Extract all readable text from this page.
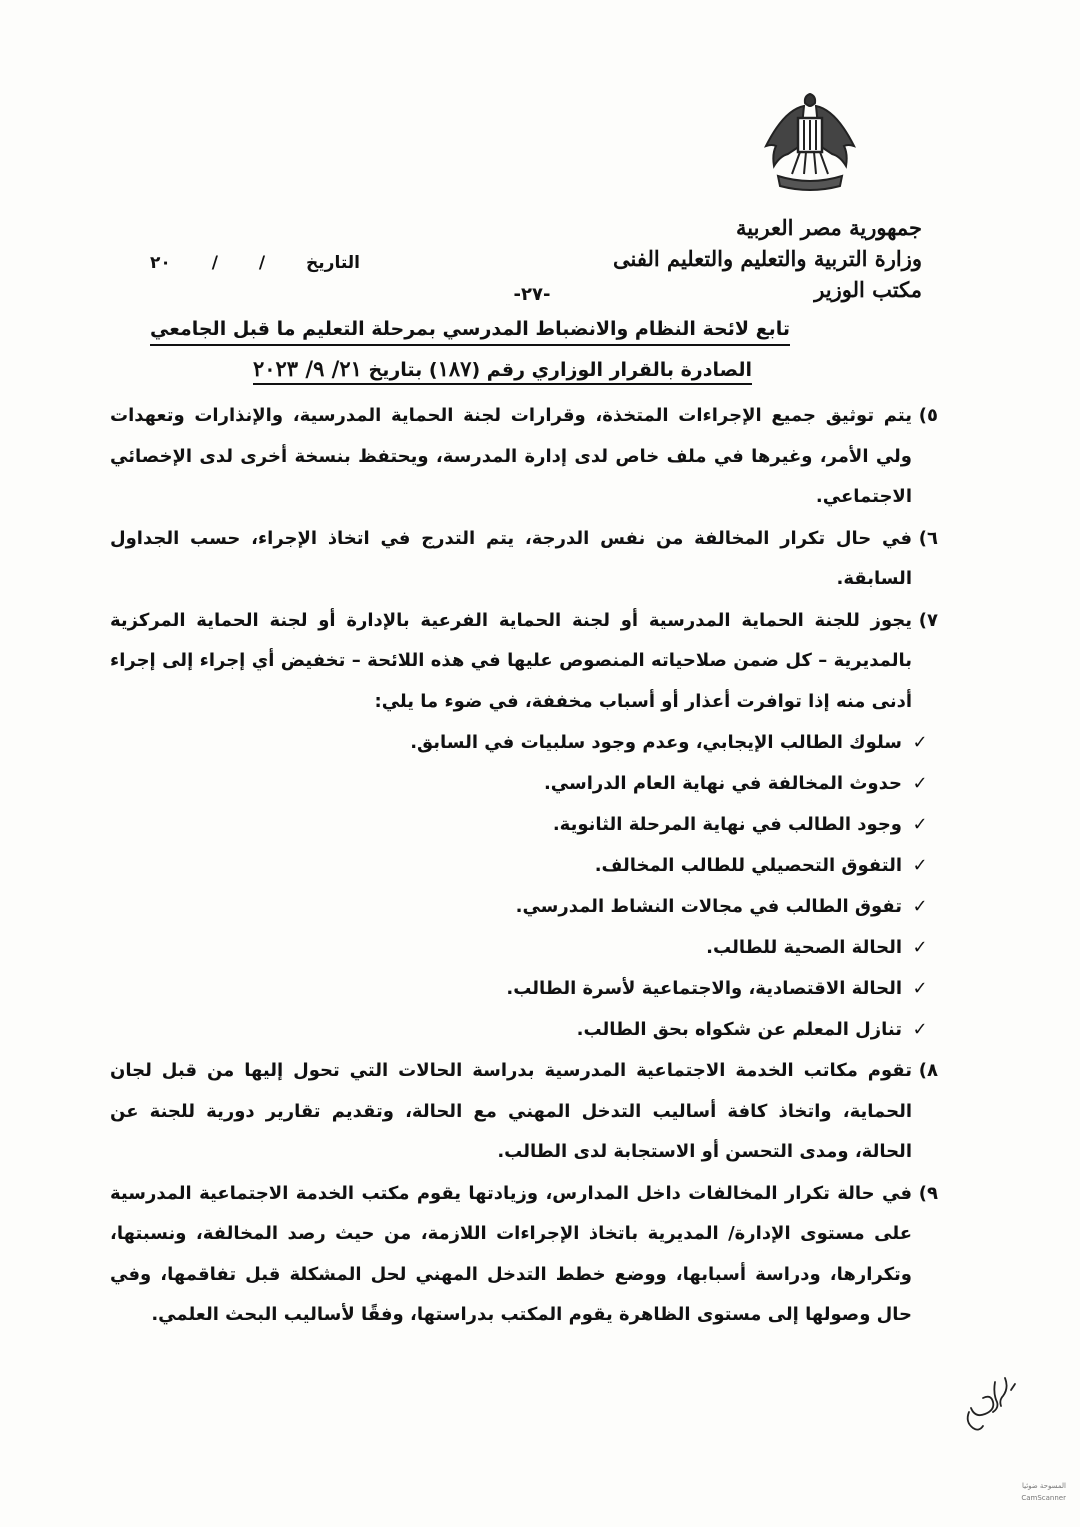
جمهورية مصر العربية
وزارة التربية والتعليم والتعليم الفنى
مكتب الوزير
التاريخ
/
/
٢٠
-٢٧-
تابع لائحة النظام والانضباط المدرسي بمرحلة التعليم ما قبل الجامعي
الصادرة بالقرار الوزاري رقم (١٨٧) بتاريخ ٢١/ ٩/ ٢٠٢٣
٥)
يتم توثيق جميع الإجراءات المتخذة، وقرارات لجنة الحماية المدرسية، والإنذارات وتعهدات ولي الأمر، وغيرها في ملف خاص لدى إدارة المدرسة، ويحتفظ بنسخة أخرى لدى الإخصائي الاجتماعي.
٦)
في حال تكرار المخالفة من نفس الدرجة، يتم التدرج في اتخاذ الإجراء، حسب الجداول السابقة.
٧)
يجوز للجنة الحماية المدرسية أو لجنة الحماية الفرعية بالإدارة أو لجنة الحماية المركزية بالمديرية – كل ضمن صلاحياته المنصوص عليها في هذه اللائحة – تخفيض أي إجراء إلى إجراء أدنى منه إذا توافرت أعذار أو أسباب مخففة، في ضوء ما يلي:
✓
سلوك الطالب الإيجابي، وعدم وجود سلبيات في السابق.
✓
حدوث المخالفة في نهاية العام الدراسي.
✓
وجود الطالب في نهاية المرحلة الثانوية.
✓
التفوق التحصيلي للطالب المخالف.
✓
تفوق الطالب في مجالات النشاط المدرسي.
✓
الحالة الصحية للطالب.
✓
الحالة الاقتصادية، والاجتماعية لأسرة الطالب.
✓
تنازل المعلم عن شكواه بحق الطالب.
٨)
تقوم مكاتب الخدمة الاجتماعية المدرسية بدراسة الحالات التي تحول إليها من قبل لجان الحماية، واتخاذ كافة أساليب التدخل المهني مع الحالة، وتقديم تقارير دورية للجنة عن الحالة، ومدى التحسن أو الاستجابة لدى الطالب.
٩)
في حالة تكرار المخالفات داخل المدارس، وزيادتها يقوم مكتب الخدمة الاجتماعية المدرسية على مستوى الإدارة/ المديرية باتخاذ الإجراءات اللازمة، من حيث رصد المخالفة، ونسبتها، وتكرارها، ودراسة أسبابها، ووضع خطط التدخل المهني لحل المشكلة قبل تفاقمها، وفي حال وصولها إلى مستوى الظاهرة يقوم المكتب بدراستها، وفقًا لأساليب البحث العلمي.
المسوحة ضوئيا
CamScanner
